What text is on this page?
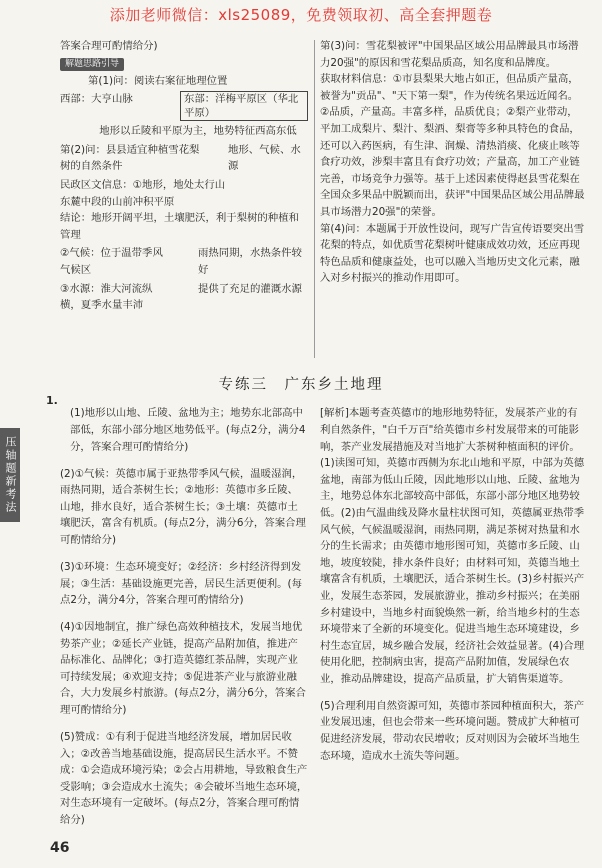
添加老师微信：xls25089，免费领取初、高全套押题卷

答案合理可酌情给分)

解题思路引导

第(1)问：阅读右案征地理位置

西部：大亨山脉	东部：洋梅平原区（华北平原）

地形以丘陵和平原为主，地势特征西高东低

第(2)问：县县适宜种植雪花梨树的自然条件
地形、气候、水源

民政区文信息：①地形，地处太行山东麓中段的山前冲积平原

结论：地形开阔平坦，土壤肥沃，利于梨树的种植和管理

②气候：位于温带季风气候区
雨热同期，水热条件较好
③水源：淮大河流纵横，夏季水量丰沛
提供了充足的灌溉水源

第(3)问：雪花梨被评"中国果品区域公用品牌最具市场潜力20强"的原因和雪花梨品质高，知名度和品牌度。

获取材料信息：①市县梨果大地占如正，但品质产量高，被誉为"贡品"、"天下第一梨"，作为传统名果远近闻名。②品质，产量高。丰富多样，品质优良；②梨产业带动，平加工成梨片、梨汁、梨酒、梨膏等多种具特色的食品，还可以入药医病，有生津、润燥、清热消痰、化痰止咳等食疗功效，涉梨丰富且有食疗功效；产量高，加工产业链完善，市场竞争力强等。基于上述因素使得赵县雪花梨在全国众多果品中脱颖而出，获评"中国果品区域公用品牌最具市场潜力20强"的荣誉。

第(4)问：本题属于开放性设问，现写广告宣传语要突出雪花梨的特点，如优质雪花梨树叶健康成效功效，还应再现特色品质和健康益处，也可以融入当地历史文化元素，融入对乡村振兴的推动作用即可。

专练三　广东乡土地理
压轴题新考法
1.

(1)地形以山地、丘陵、盆地为主；地势东北部高中部低，东部小部分地区地势低平。(每点2分，满分4分，答案合理可酌情给分)

(2)①气候：英德市属于亚热带季风气候，温暖湿润，雨热同期，适合茶树生长；②地形：英德市多丘陵、山地，排水良好，适合茶树生长；③土壤：英德市土壤肥沃，富含有机质。(每点2分，满分6分，答案合理可酌情给分)

(3)①环境：生态环境变好；②经济：乡村经济得到发展；③生活：基础设施更完善，居民生活更便利。(每点2分，满分4分，答案合理可酌情给分)

(4)①因地制宜，推广绿色高效种植技术，发展当地优势茶产业；②延长产业链，提高产品附加值，推进产品标准化、品牌化；③打造英德红茶品牌，实现产业可持续发展；④欢迎支持；⑤促进茶产业与旅游业融合，大力发展乡村旅游。(每点2分，满分6分，答案合理可酌情给分)

(5)赞成：①有利于促进当地经济发展，增加居民收入；②改善当地基础设施，提高居民生活水平。不赞成：①会造成环境污染；②会占用耕地，导致粮食生产受影响；③会造成水土流失；④会破坏当地生态环境，对生态环境有一定破坏。(每点2分，答案合理可酌情给分)

[解析]本题考查英德市的地形地势特征，发展茶产业的有利自然条件，"白千万百"给英德市乡村发展带来的可能影响，茶产业发展措施及对当地扩大茶树种植面积的评价。(1)读图可知，英德市西侧为东北山地和平原，中部为英德盆地，南部为低山丘陵，因此地形以山地、丘陵、盆地为主，地势总体东北部较高中部低，东部小部分地区地势较低。(2)由气温曲线及降水量柱状图可知，英德属亚热带季风气候，气候温暖湿润，雨热同期，满足茶树对热量和水分的生长需求；由英德市地形图可知，英德市多丘陵、山地，坡度较陡，排水条件良好；由材料可知，英德当地土壤富含有机质，土壤肥沃，适合茶树生长。(3)乡村振兴产业，发展生态茶园，发展旅游业，推动乡村振兴；在美丽乡村建设中，当地乡村面貌焕然一新，给当地乡村的生态环境带来了全新的环境变化。促进当地生态环境建设，乡村生态宜居，城乡融合发展，经济社会效益显著。(4)合理使用化肥，控制病虫害，提高产品附加值，发展绿色农业，推动品牌建设，提高产品质量，扩大销售渠道等。

(5)合理利用自然资源可知，英德市茶园种植面积大，茶产业发展迅速，但也会带来一些环境问题。赞成扩大种植可促进经济发展，带动农民增收；反对则因为会破坏当地生态环境，造成水土流失等问题。

46
